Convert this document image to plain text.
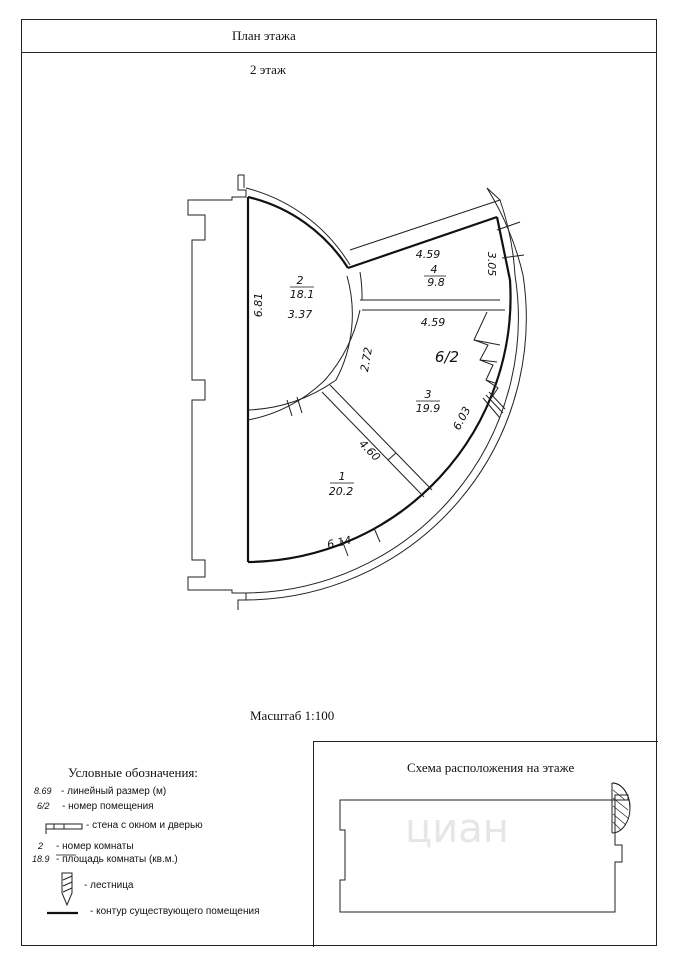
План этажа
2 этаж
2
18.1
3.37
6.81
4.59
4
9.8
3.05
4.59
6/2
2.72
3
19.9 6.03
4.60
1
20.2
6.14
циан
Масштаб 1:100
Условные обозначения:
8.69 - линейный размер (м)
6/2 - номер помещения
- стена с окном и дверью
2 - номер комнаты
18.9 - площадь комнаты (кв.м.)
- лестница
- контур существующего помещения
Схема расположения на этаже
